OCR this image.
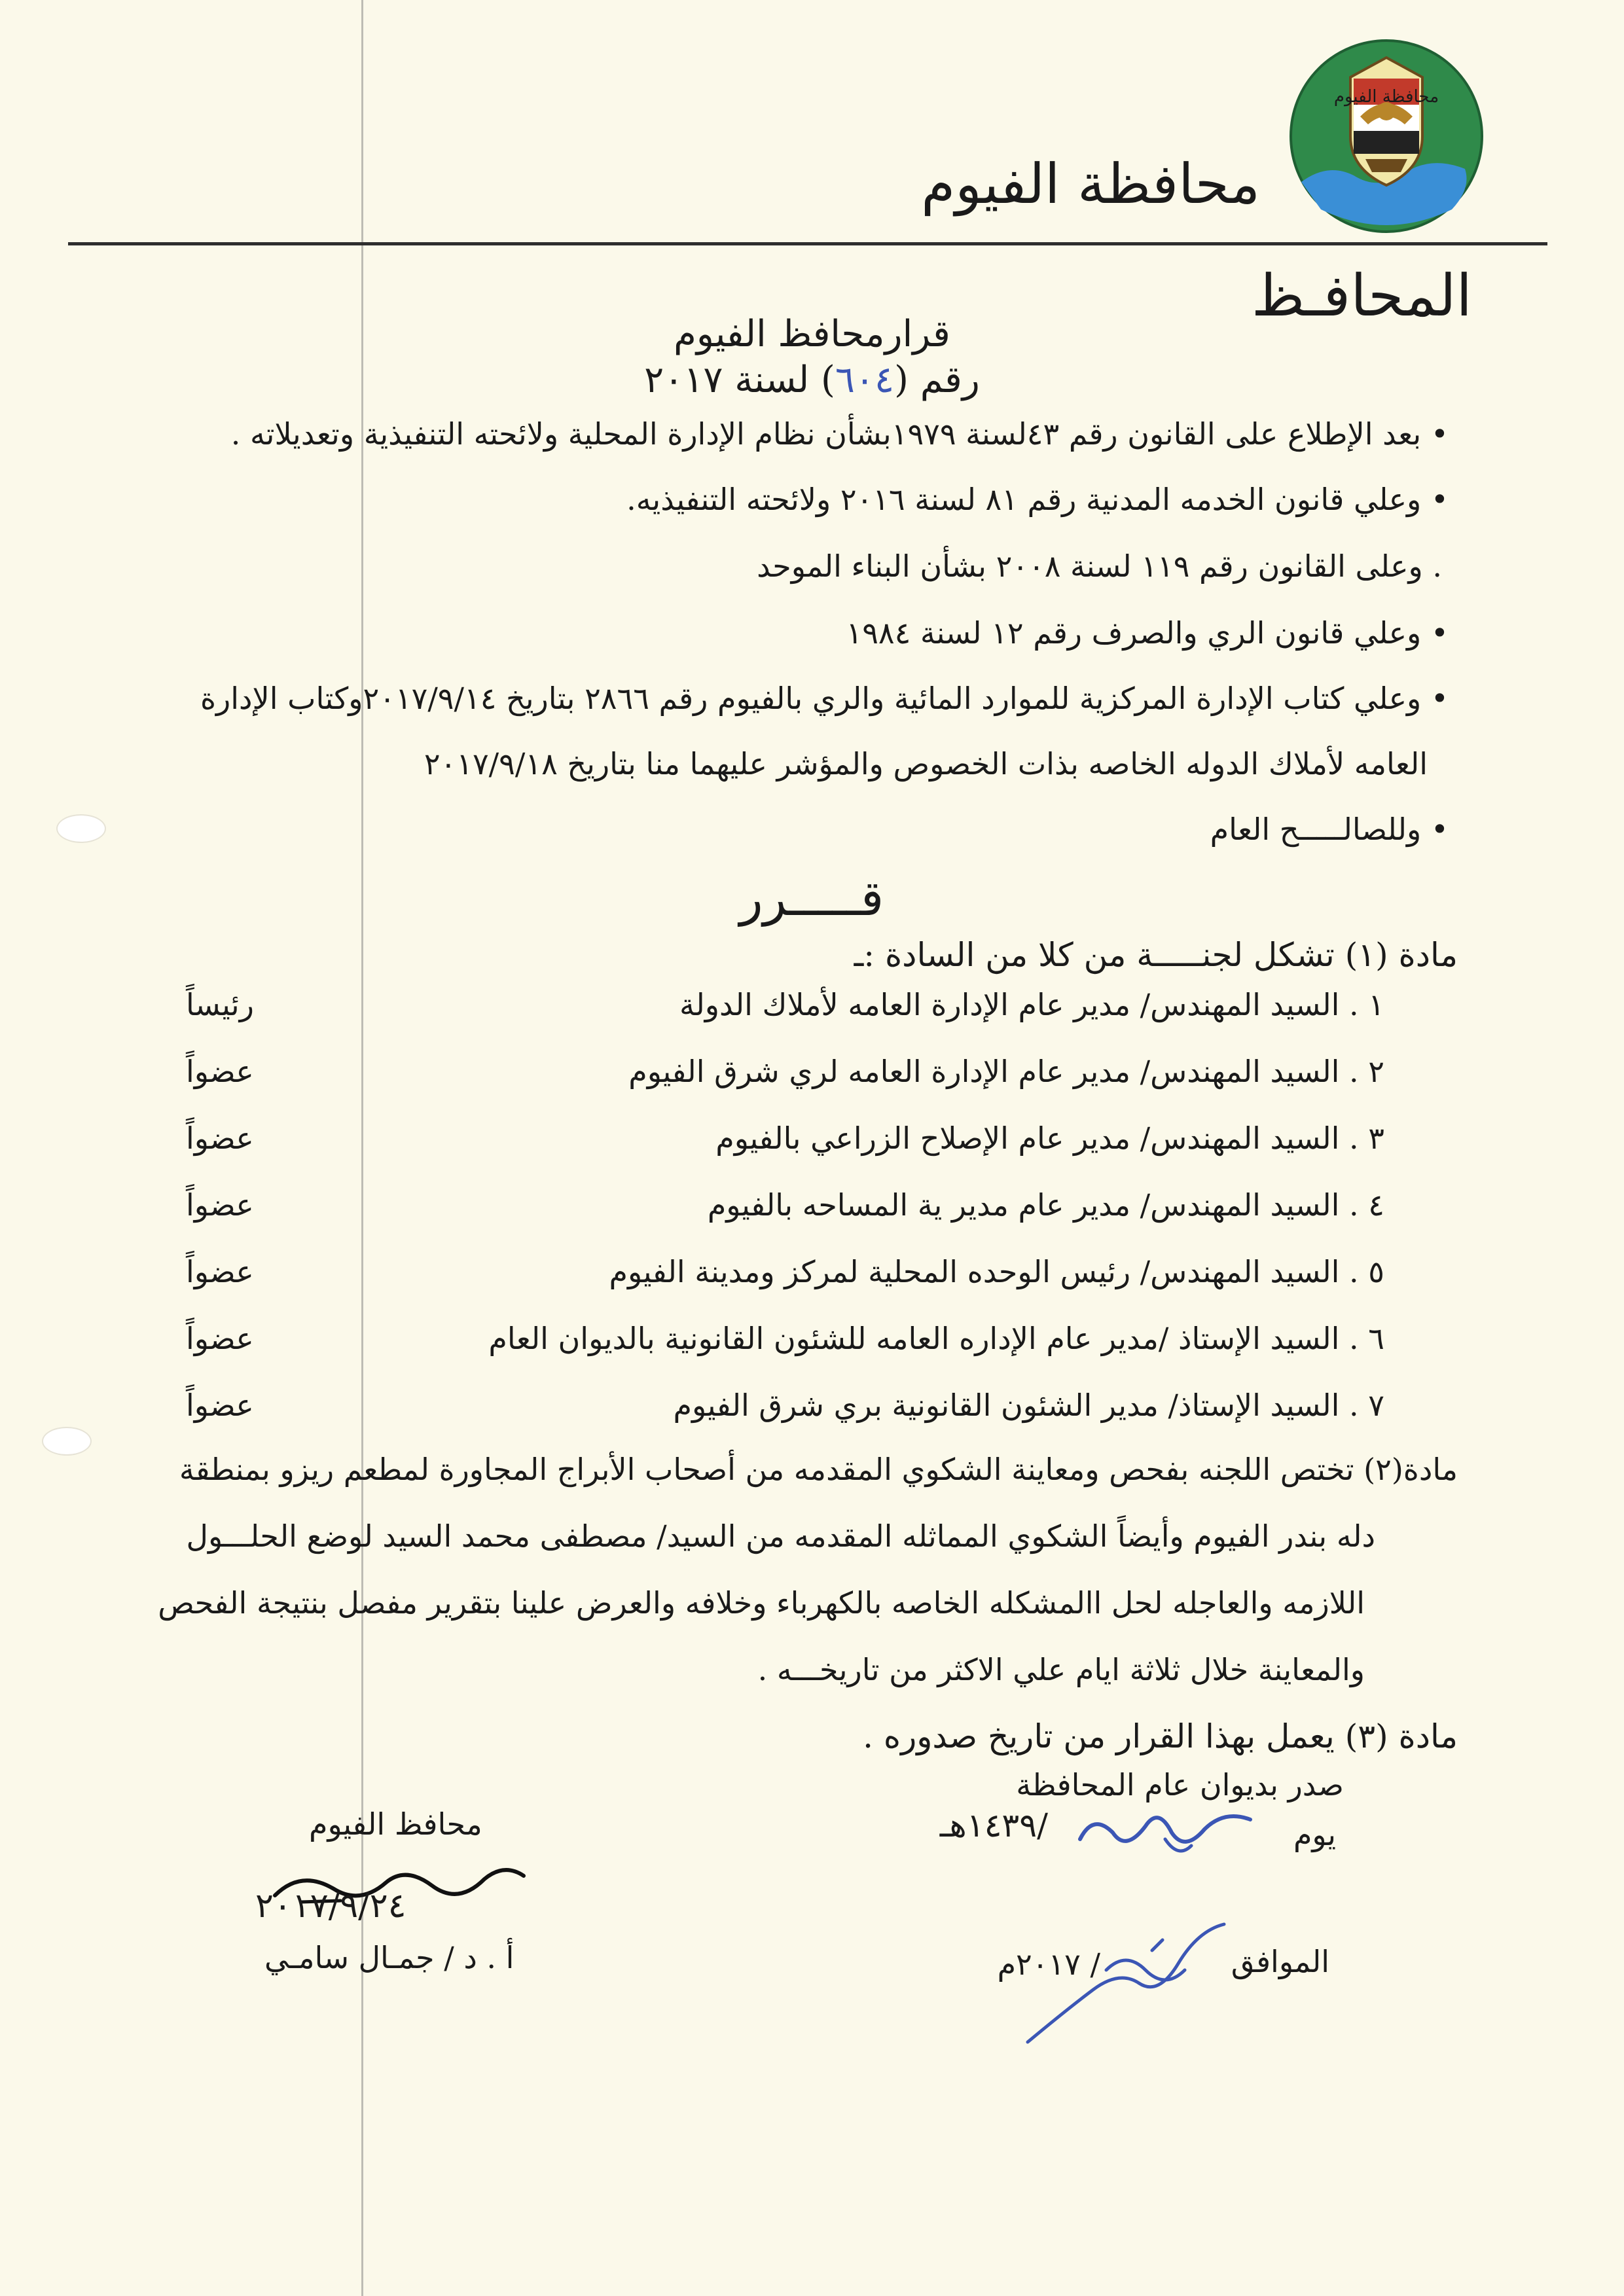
محافظة الفيوم
محافظة الفيوم
المحافـظ
قرارمحافظ الفيوم
رقم (٦٠٤) لسنة ٢٠١٧
• بعد الإطلاع على القانون رقم ٤٣لسنة ١٩٧٩بشأن نظام الإدارة المحلية ولائحته التنفيذية وتعديلاته .
• وعلي قانون الخدمه المدنية رقم ٨١ لسنة ٢٠١٦ ولائحته التنفيذيه.
. وعلى القانون رقم ١١٩ لسنة ٢٠٠٨ بشأن البناء الموحد
• وعلي قانون الري والصرف رقم ١٢ لسنة ١٩٨٤
• وعلي كتاب الإدارة المركزية للموارد المائية والري بالفيوم رقم ٢٨٦٦ بتاريخ ٢٠١٧/٩/١٤وكتاب الإدارة
العامه لأملاك الدوله الخاصه بذات الخصوص والمؤشر عليهما منا بتاريخ ٢٠١٧/٩/١٨
• وللصالـــــح العام
قـــــرر
مادة (١) تشكل لجنـــــة من كلا من السادة :ـ
١ . السيد المهندس/ مدير عام الإدارة العامه لأملاك الدولة
رئيساً
٢ . السيد المهندس/ مدير عام الإدارة العامه لري شرق الفيوم
عضواً
٣ . السيد المهندس/ مدير عام الإصلاح الزراعي بالفيوم
عضواً
٤ . السيد المهندس/ مدير عام مدير ية المساحه بالفيوم
عضواً
٥ . السيد المهندس/ رئيس الوحده المحلية لمركز ومدينة الفيوم
عضواً
٦ . السيد الإستاذ /مدير عام الإداره العامه للشئون القانونية بالديوان العام
عضواً
٧ . السيد الإستاذ/ مدير الشئون القانونية بري شرق الفيوم
عضواً
مادة(٢) تختص اللجنه بفحص ومعاينة الشكوي المقدمه من أصحاب الأبراج المجاورة لمطعم ريزو بمنطقة
دله بندر الفيوم وأيضاً الشكوي المماثله المقدمه من السيد/ مصطفى محمد السيد لوضع الحلـــول
اللازمه والعاجله لحل االمشكله الخاصه بالكهرباء وخلافه والعرض علينا بتقرير مفصل بنتيجة الفحص
والمعاينة خلال ثلاثة ايام علي الاكثر من تاريخـــه .
مادة (٣) يعمل بهذا القرار من تاريخ صدوره .
صدر بديوان عام المحافظة
يوم
/١٤٣٩هـ
الموافق
/ ٢٠١٧م
محافظ الفيوم
٢٠١٧/٩/٢٤
أ . د / جمـال سامـي
